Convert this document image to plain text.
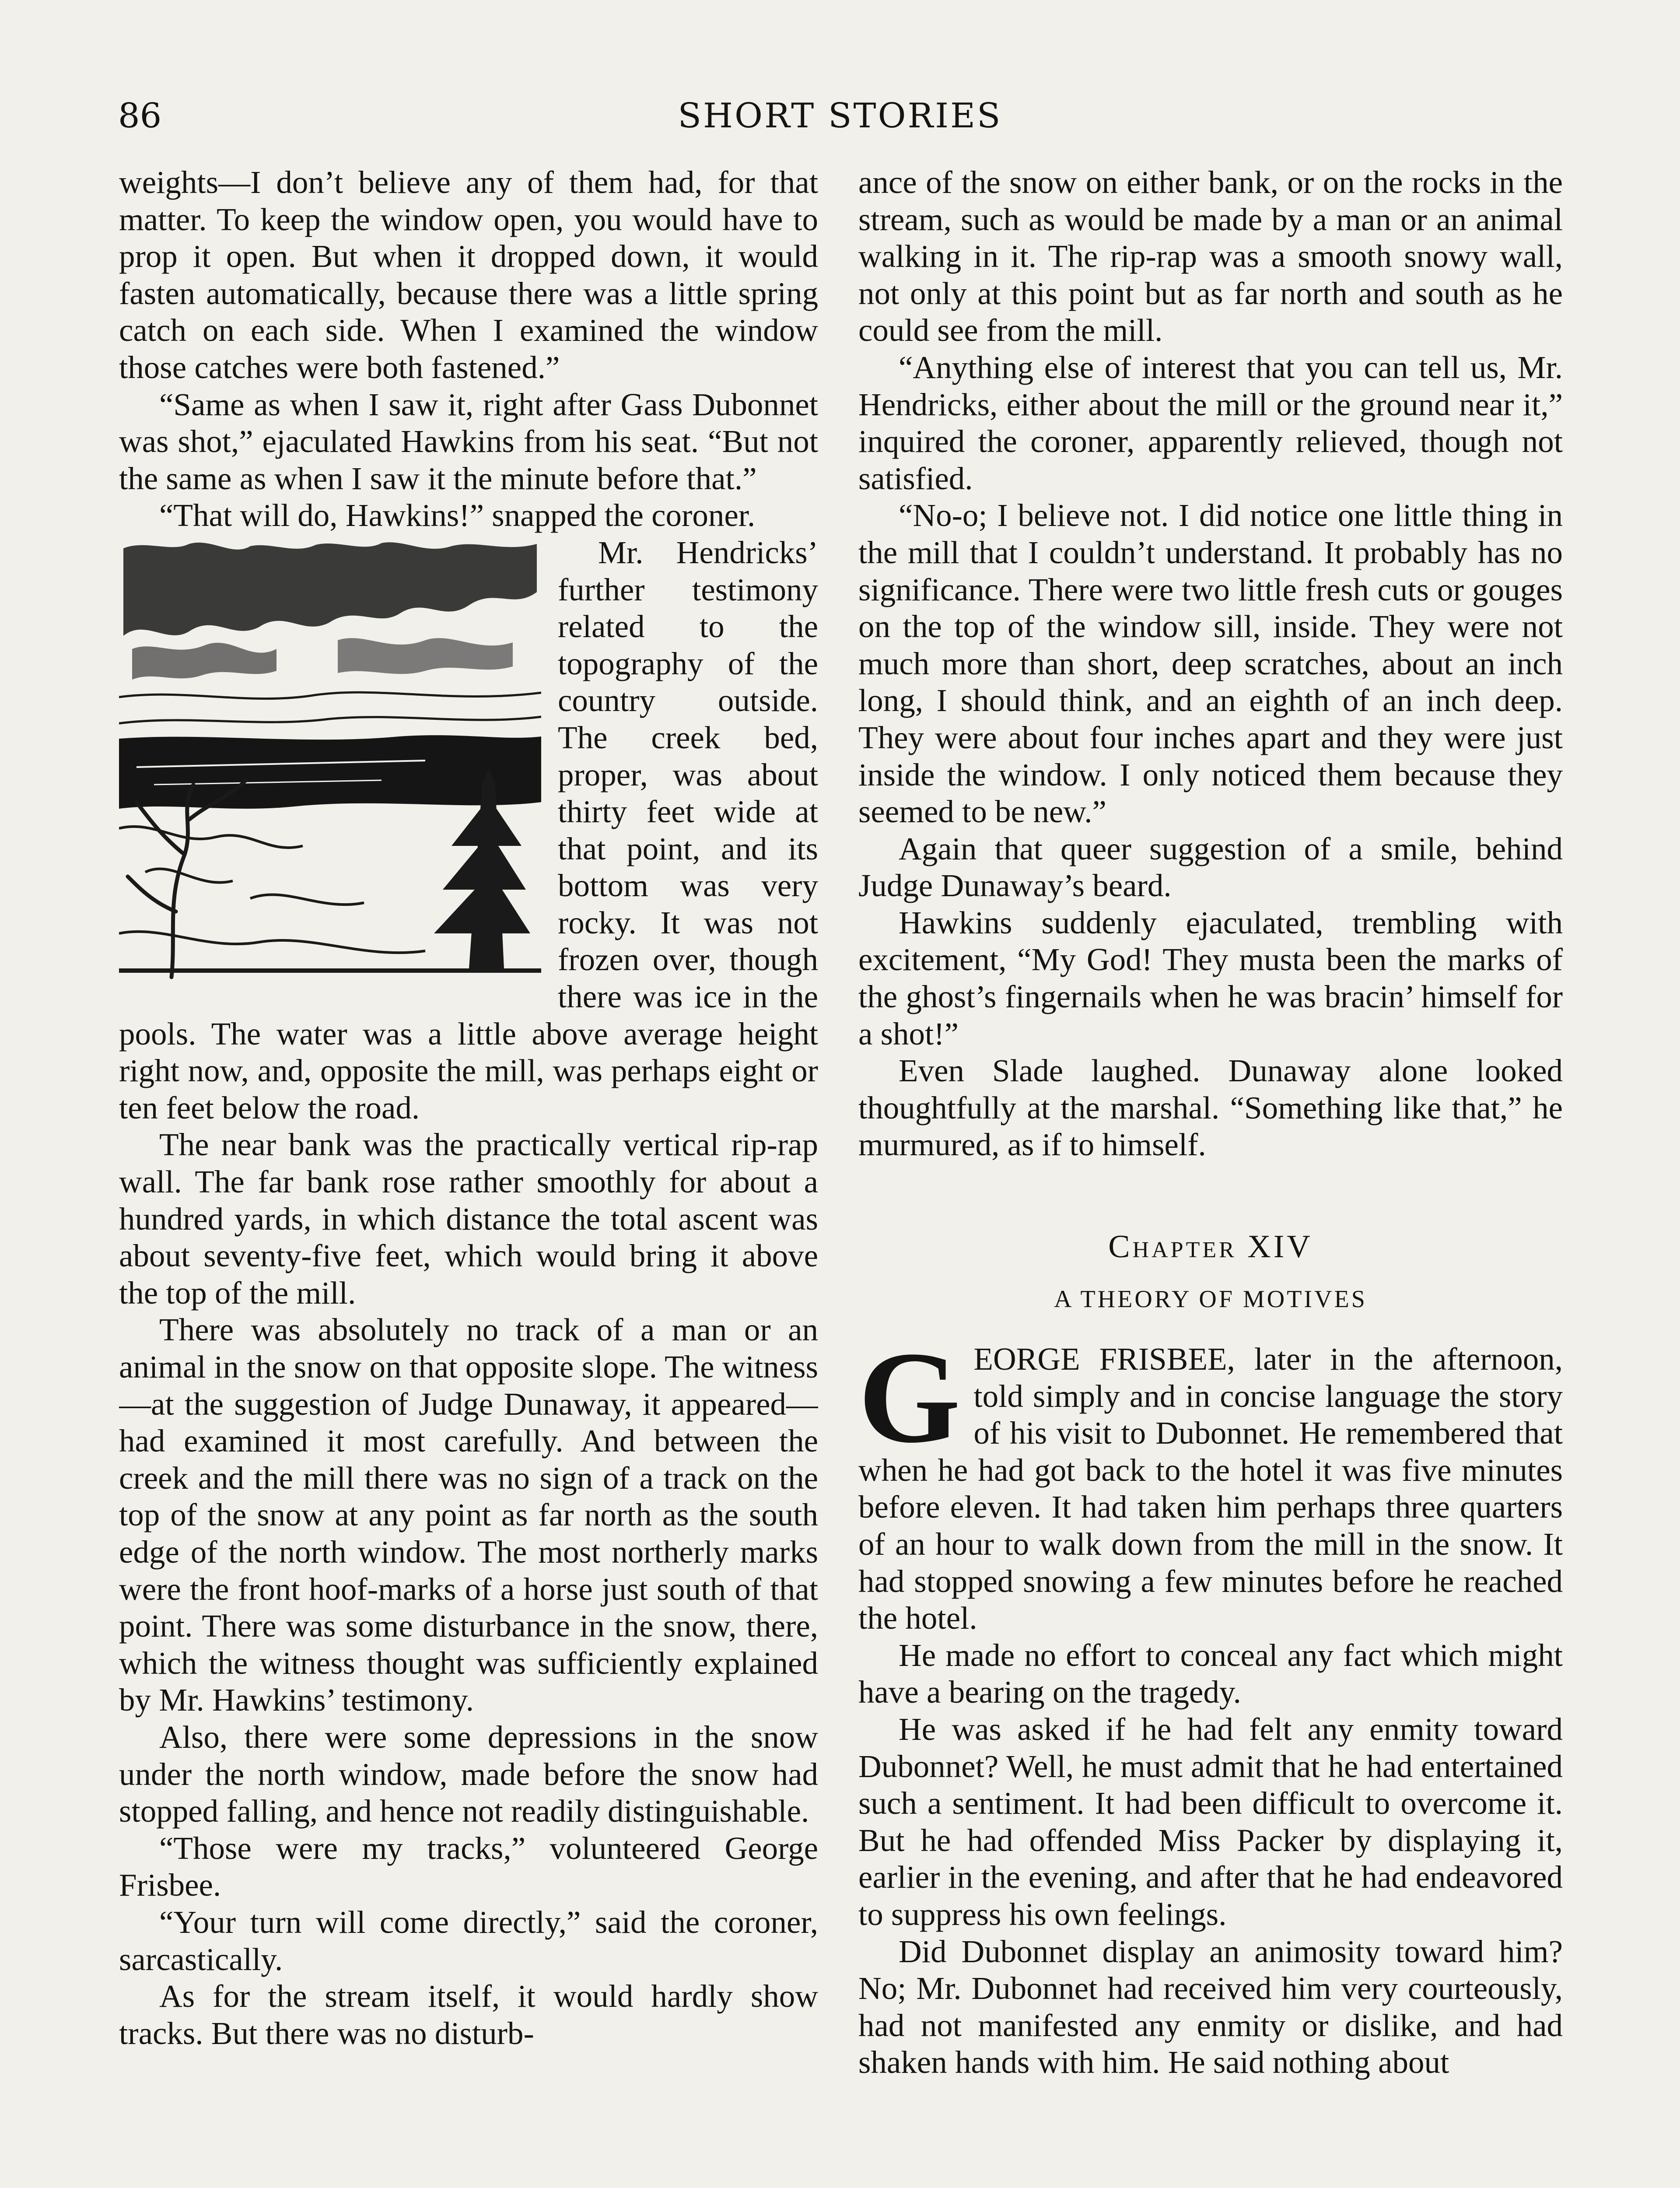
86	SHORT STORIES

weights—I don’t believe any of them had, for that matter. To keep the window open, you would have to prop it open. But when it dropped down, it would fasten automatically, because there was a little spring catch on each side. When I examined the window those catches were both fastened.”

“Same as when I saw it, right after Gass Dubonnet was shot,” ejaculated Hawkins from his seat. “But not the same as when I saw it the minute before that.”

“That will do, Hawkins!” snapped the coroner.

Mr. Hendricks’ further testimony related to the topography of the country outside. The creek bed, proper, was about thirty feet wide at that point, and its bottom was very rocky. It was not frozen over, though there was ice in the pools. The water was a little above average height right now, and, opposite the mill, was perhaps eight or ten feet below the road.

The near bank was the practically vertical rip-rap wall. The far bank rose rather smoothly for about a hundred yards, in which distance the total ascent was about seventy-five feet, which would bring it above the top of the mill.

There was absolutely no track of a man or an animal in the snow on that opposite slope. The witness—at the suggestion of Judge Dunaway, it appeared—had examined it most carefully. And between the creek and the mill there was no sign of a track on the top of the snow at any point as far north as the south edge of the north window. The most northerly marks were the front hoof-marks of a horse just south of that point. There was some disturbance in the snow, there, which the witness thought was sufficiently explained by Mr. Hawkins’ testimony.

Also, there were some depressions in the snow under the north window, made before the snow had stopped falling, and hence not readily distinguishable.

“Those were my tracks,” volunteered George Frisbee.

“Your turn will come directly,” said the coroner, sarcastically.

As for the stream itself, it would hardly show tracks. But there was no disturb-

ance of the snow on either bank, or on the rocks in the stream, such as would be made by a man or an animal walking in it. The rip-rap was a smooth snowy wall, not only at this point but as far north and south as he could see from the mill.

“Anything else of interest that you can tell us, Mr. Hendricks, either about the mill or the ground near it,” inquired the coroner, apparently relieved, though not satisfied.

“No-o; I believe not. I did notice one little thing in the mill that I couldn’t understand. It probably has no significance. There were two little fresh cuts or gouges on the top of the window sill, inside. They were not much more than short, deep scratches, about an inch long, I should think, and an eighth of an inch deep. They were about four inches apart and they were just inside the window. I only noticed them because they seemed to be new.”

Again that queer suggestion of a smile, behind Judge Dunaway’s beard.

Hawkins suddenly ejaculated, trembling with excitement, “My God! They musta been the marks of the ghost’s fingernails when he was bracin’ himself for a shot!”

Even Slade laughed. Dunaway alone looked thoughtfully at the marshal. “Something like that,” he murmured, as if to himself.

Chapter XIV
A THEORY OF MOTIVES

G EORGE FRISBEE, later in the afternoon, told simply and in concise language the story of his visit to Dubonnet. He remembered that when he had got back to the hotel it was five minutes before eleven. It had taken him perhaps three quarters of an hour to walk down from the mill in the snow. It had stopped snowing a few minutes before he reached the hotel.

He made no effort to conceal any fact which might have a bearing on the tragedy.

He was asked if he had felt any enmity toward Dubonnet? Well, he must admit that he had entertained such a sentiment. It had been difficult to overcome it. But he had offended Miss Packer by displaying it, earlier in the evening, and after that he had endeavored to suppress his own feelings.

Did Dubonnet display an animosity toward him? No; Mr. Dubonnet had received him very courteously, had not manifested any enmity or dislike, and had shaken hands with him. He said nothing about
